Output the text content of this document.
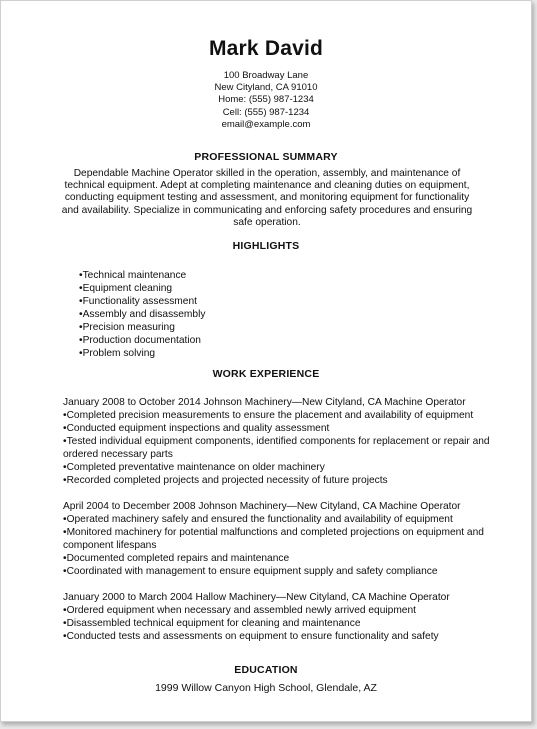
Mark David
100 Broadway Lane
New Cityland, CA 91010
Home: (555) 987-1234
Cell: (555) 987-1234
email@example.com
PROFESSIONAL SUMMARY
Dependable Machine Operator skilled in the operation, assembly, and maintenance of technical equipment. Adept at completing maintenance and cleaning duties on equipment, conducting equipment testing and assessment, and monitoring equipment for functionality and availability. Specialize in communicating and enforcing safety procedures and ensuring safe operation.
HIGHLIGHTS
•Technical maintenance
•Equipment cleaning
•Functionality assessment
•Assembly and disassembly
•Precision measuring
•Production documentation
•Problem solving
WORK EXPERIENCE
January 2008 to October 2014 Johnson Machinery—New Cityland, CA Machine Operator
•Completed precision measurements to ensure the placement and availability of equipment
•Conducted equipment inspections and quality assessment
•Tested individual equipment components, identified components for replacement or repair and ordered necessary parts
•Completed preventative maintenance on older machinery
•Recorded completed projects and projected necessity of future projects
April 2004 to December 2008 Johnson Machinery—New Cityland, CA Machine Operator
•Operated machinery safely and ensured the functionality and availability of equipment
•Monitored machinery for potential malfunctions and completed projections on equipment and component lifespans
•Documented completed repairs and maintenance
•Coordinated with management to ensure equipment supply and safety compliance
January 2000 to March 2004 Hallow Machinery—New Cityland, CA Machine Operator
•Ordered equipment when necessary and assembled newly arrived equipment
•Disassembled technical equipment for cleaning and maintenance
•Conducted tests and assessments on equipment to ensure functionality and safety
EDUCATION
1999 Willow Canyon High School, Glendale, AZ
